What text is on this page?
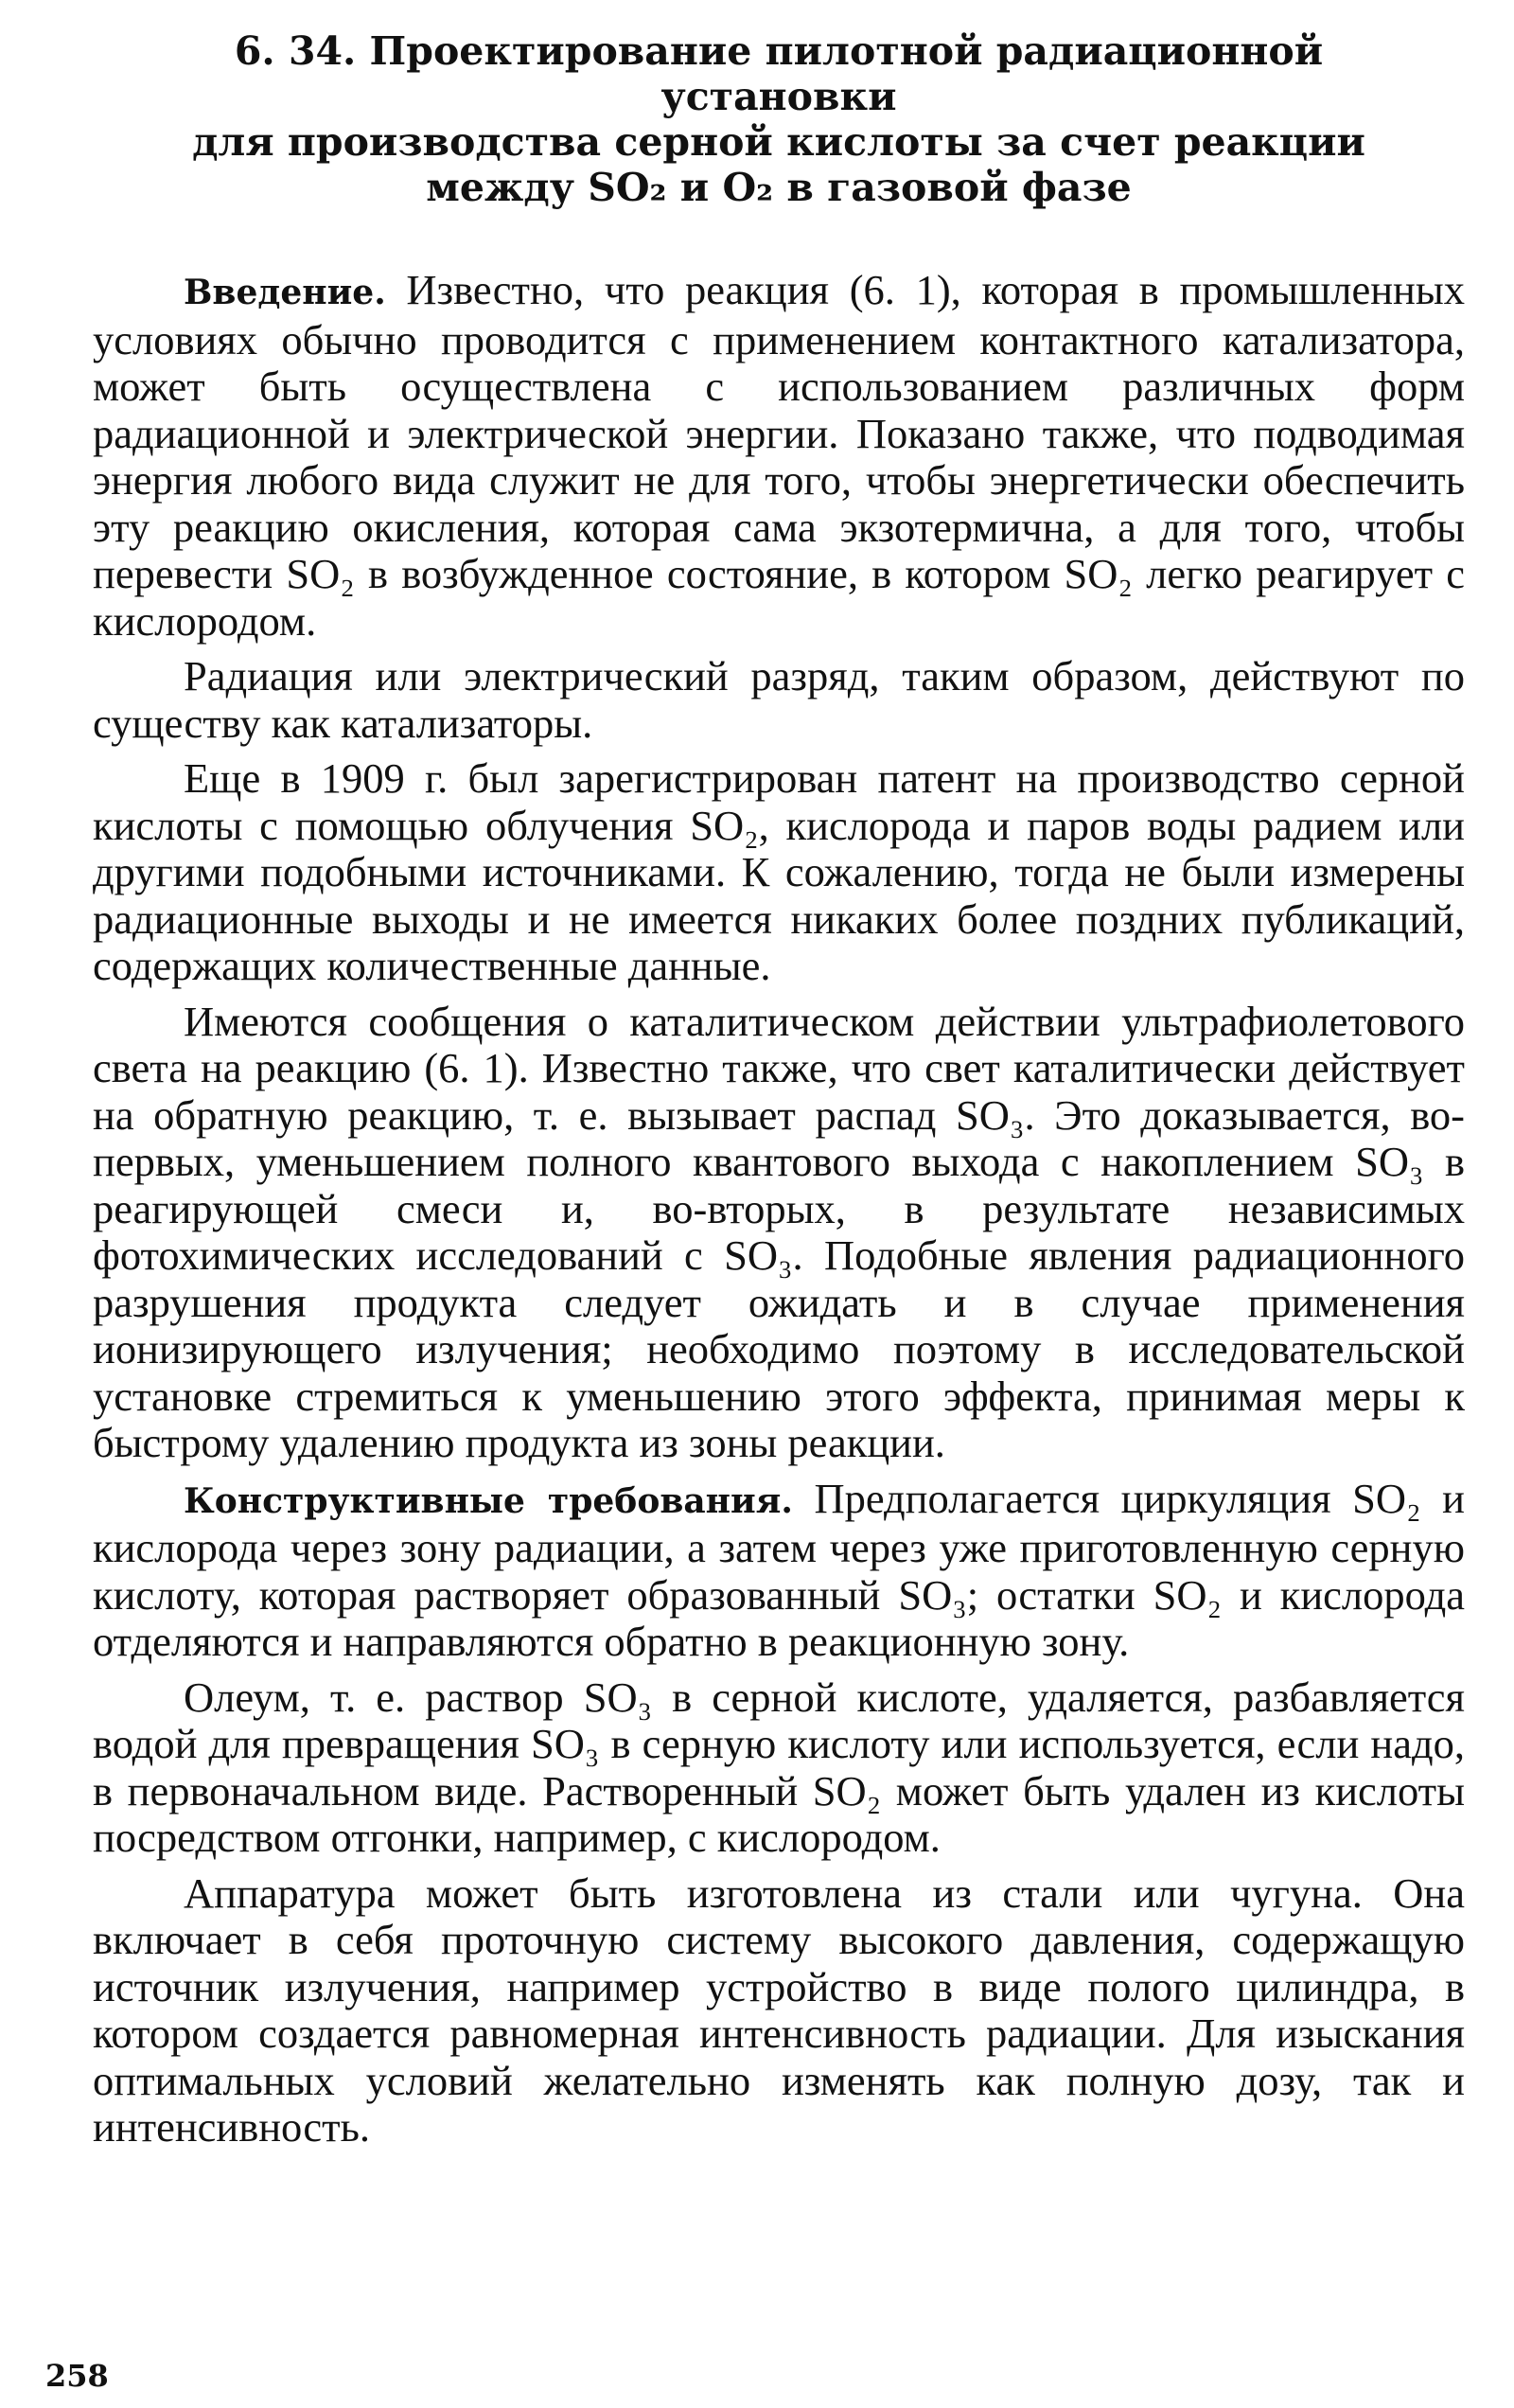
6. 34. Проектирование пилотной радиационной установки
для производства серной кислоты за счет реакции
между SO₂ и O₂ в газовой фазе

Введение. Известно, что реакция (6. 1), которая в промышленных условиях обычно проводится с применением контактного катализатора, может быть осуществлена с использованием различных форм радиационной и электрической энергии. Показано также, что подводимая энергия любого вида служит не для того, чтобы энергетически обеспечить эту реакцию окисления, которая сама экзотермична, а для того, чтобы перевести SO₂ в возбужденное состояние, в котором SO₂ легко реагирует с кислородом.

Радиация или электрический разряд, таким образом, действуют по существу как катализаторы.

Еще в 1909 г. был зарегистрирован патент на производство серной кислоты с помощью облучения SO₂, кислорода и паров воды радием или другими подобными источниками. К сожалению, тогда не были измерены радиационные выходы и не имеется никаких более поздних публикаций, содержащих количественные данные.

Имеются сообщения о каталитическом действии ультрафиолетового света на реакцию (6. 1). Известно также, что свет каталитически действует на обратную реакцию, т. е. вызывает распад SO₃. Это доказывается, во-первых, уменьшением полного квантового выхода с накоплением SO₃ в реагирующей смеси и, во-вторых, в результате независимых фотохимических исследований с SO₃. Подобные явления радиационного разрушения продукта следует ожидать и в случае применения ионизирующего излучения; необходимо поэтому в исследовательской установке стремиться к уменьшению этого эффекта, принимая меры к быстрому удалению продукта из зоны реакции.

Конструктивные требования. Предполагается циркуляция SO₂ и кислорода через зону радиации, а затем через уже приготовленную серную кислоту, которая растворяет образованный SO₃; остатки SO₂ и кислорода отделяются и направляются обратно в реакционную зону.

Олеум, т. е. раствор SO₃ в серной кислоте, удаляется, разбавляется водой для превращения SO₃ в серную кислоту или используется, если надо, в первоначальном виде. Растворенный SO₂ может быть удален из кислоты посредством отгонки, например, с кислородом.

Аппаратура может быть изготовлена из стали или чугуна. Она включает в себя проточную систему высокого давления, содержащую источник излучения, например устройство в виде полого цилиндра, в котором создается равномерная интенсивность радиации. Для изыскания оптимальных условий желательно изменять как полную дозу, так и интенсивность.

258
